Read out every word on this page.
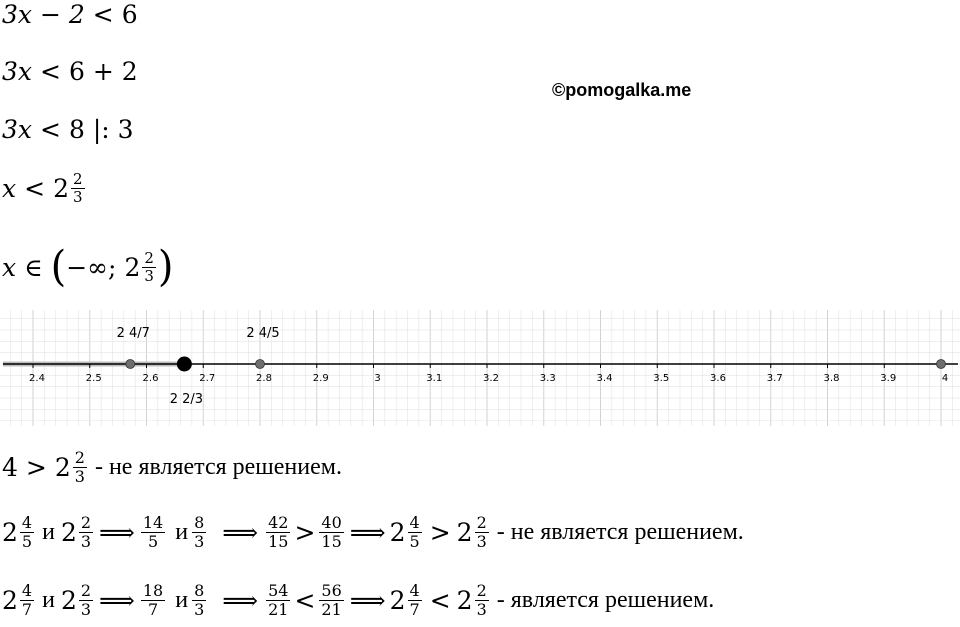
©pomogalka.me
3x − 2 < 6
3x < 6 + 2
3x < 8 |: 3
$x < 2 \frac{2}{3}$
x ∈ ( −∞; $2 \frac{2}{3}$ )
2.4	2.5	2.6	2.7	2.8	2.9	3	3.1	3.2	3.3	3.4	3.5	3.6	3.7	3.8	3.9	4
2 4/7
2 2/3
2 4/5
$4 > 2 \frac{2}{3}$ - не является решением.
$2 \frac{4}{5}$ и $2 \frac{2}{3}$ ⟹ $\frac{14}{5}$ и $\frac{8}{3}$ ⟹ $\frac{42}{15} > \frac{40}{15}$ ⟹ $2 \frac{4}{5} > 2 \frac{2}{3}$ - не является решением.
$2 \frac{4}{7}$ и $2 \frac{2}{3}$ ⟹ $\frac{18}{7}$ и $\frac{8}{3}$ ⟹ $\frac{54}{21} < \frac{56}{21}$ ⟹ $2 \frac{4}{7} < 2 \frac{2}{3}$ - является решением.
